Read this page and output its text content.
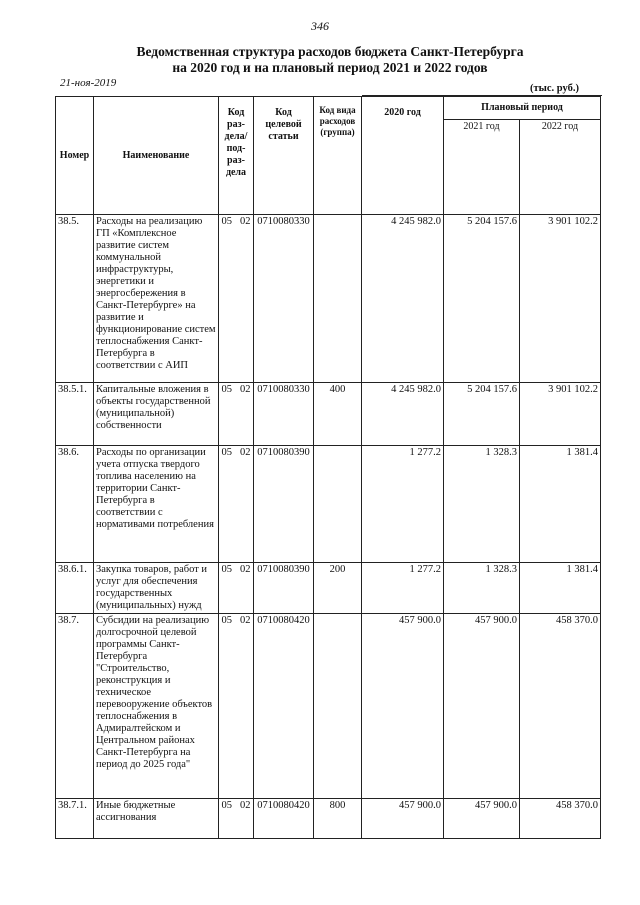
346
Ведомственная структура расходов бюджета Санкт-Петербурга
на 2020 год и на плановый период 2021 и 2022 годов
21-ноя-2019	(тыс. руб.)
Номер	Наименование	Код раз- дела/ под- раз- дела	Код целевой статьи	Код вида расходов (группа)	2020 год	Плановый период	
						2021 год	2022 год
38.5.	Расходы на реализацию ГП «Комплексное развитие систем коммунальной инфраструктуры, энергетики и энергосбережения в Санкт-Петербурге» на развитие и функционирование систем теплоснабжения Санкт-Петербурга в соответствии с АИП	05 02	0710080330		4 245 982.0	5 204 157.6	3 901 102.2
38.5.1.	Капитальные вложения в объекты государственной (муниципальной) собственности	05 02	0710080330	400	4 245 982.0	5 204 157.6	3 901 102.2
38.6.	Расходы по организации учета отпуска твердого топлива населению на территории Санкт-Петербурга в соответствии с нормативами потребления	05 02	0710080390		1 277.2	1 328.3	1 381.4
38.6.1.	Закупка товаров, работ и услуг для обеспечения государственных (муниципальных) нужд	05 02	0710080390	200	1 277.2	1 328.3	1 381.4
38.7.	Субсидии на реализацию долгосрочной целевой программы Санкт-Петербурга "Строительство, реконструкция и техническое перевооружение объектов теплоснабжения в Адмиралтейском и Центральном районах Санкт-Петербурга на период до 2025 года"	05 02	0710080420		457 900.0	457 900.0	458 370.0
38.7.1.	Иные бюджетные ассигнования	05 02	0710080420	800	457 900.0	457 900.0	458 370.0
